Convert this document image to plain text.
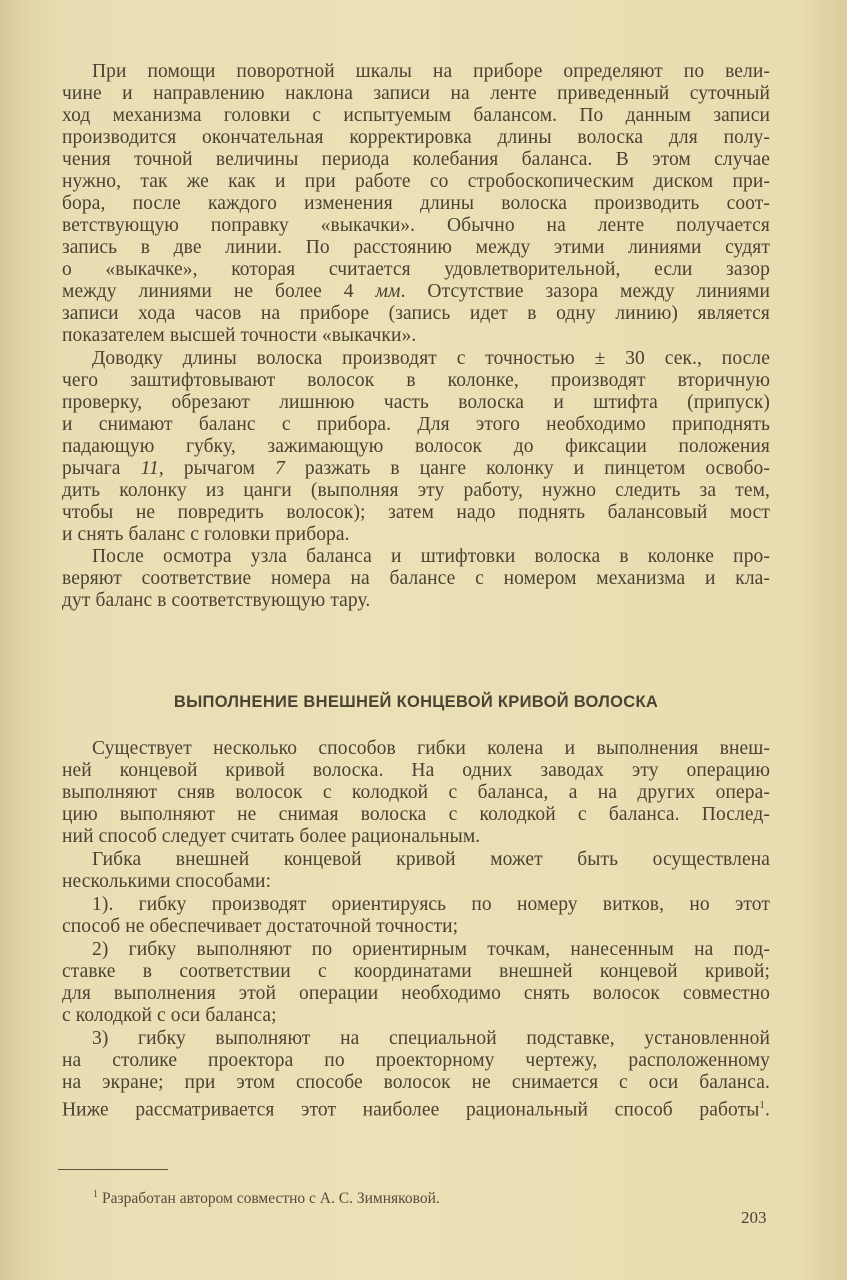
При помощи поворотной шкалы на приборе определяют по вели-
чине и направлению наклона записи на ленте приведенный суточный
ход механизма головки с испытуемым балансом. По данным записи
производится окончательная корректировка длины волоска для полу-
чения точной величины периода колебания баланса. В этом случае
нужно, так же как и при работе со стробоскопическим диском при-
бора, после каждого изменения длины волоска производить соот-
ветствующую поправку «выкачки». Обычно на ленте получается
запись в две линии. По расстоянию между этими линиями судят
о «выкачке», которая считается удовлетворительной, если зазор
между линиями не более 4 мм. Отсутствие зазора между линиями
записи хода часов на приборе (запись идет в одну линию) является
показателем высшей точности «выкачки».
Доводку длины волоска производят с точностью ± 30 сек., после
чего заштифтовывают волосок в колонке, производят вторичную
проверку, обрезают лишнюю часть волоска и штифта (припуск)
и снимают баланс с прибора. Для этого необходимо приподнять
падающую губку, зажимающую волосок до фиксации положения
рычага 11, рычагом 7 разжать в цанге колонку и пинцетом освобо-
дить колонку из цанги (выполняя эту работу, нужно следить за тем,
чтобы не повредить волосок); затем надо поднять балансовый мост
и снять баланс с головки прибора.
После осмотра узла баланса и штифтовки волоска в колонке про-
веряют соответствие номера на балансе с номером механизма и кла-
дут баланс в соответствующую тару.
ВЫПОЛНЕНИЕ ВНЕШНЕЙ КОНЦЕВОЙ КРИВОЙ ВОЛОСКА
Существует несколько способов гибки колена и выполнения внеш-
ней концевой кривой волоска. На одних заводах эту операцию
выполняют сняв волосок с колодкой с баланса, а на других опера-
цию выполняют не снимая волоска с колодкой с баланса. Послед-
ний способ следует считать более рациональным.
Гибка внешней концевой кривой может быть осуществлена
несколькими способами:
1). гибку производят ориентируясь по номеру витков, но этот
способ не обеспечивает достаточной точности;
2) гибку выполняют по ориентирным точкам, нанесенным на под-
ставке в соответствии с координатами внешней концевой кривой;
для выполнения этой операции необходимо снять волосок совместно
с колодкой с оси баланса;
3) гибку выполняют на специальной подставке, установленной
на столике проектора по проекторному чертежу, расположенному
на экране; при этом способе волосок не снимается с оси баланса.
Ниже рассматривается этот наиболее рациональный способ работы$^1$.
$^1$ Разработан автором совместно с А. С. Зимняковой.
203
